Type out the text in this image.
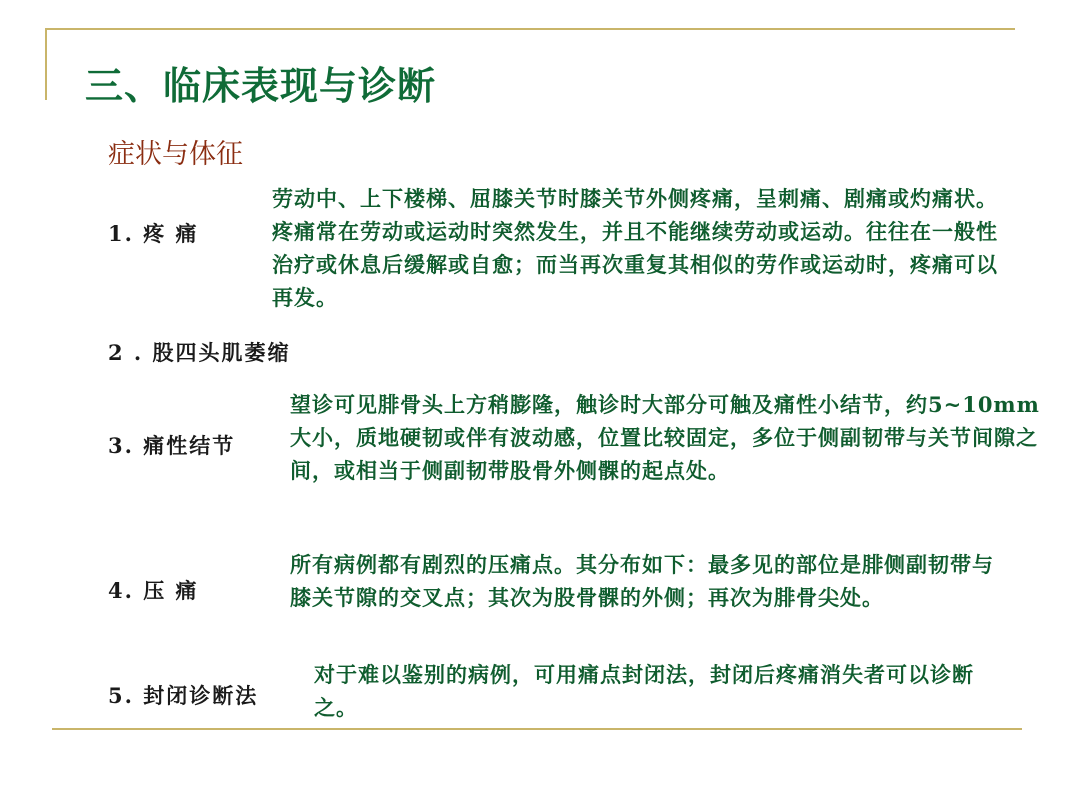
三、临床表现与诊断
症状与体征
1. 疼 痛
劳动中、上下楼梯、屈膝关节时膝关节外侧疼痛，呈刺痛、剧痛或灼痛状。疼痛常在劳动或运动时突然发生，并且不能继续劳动或运动。往往在一般性治疗或休息后缓解或自愈；而当再次重复其相似的劳作或运动时，疼痛可以再发。
2 . 股四头肌萎缩
3. 痛性结节
望诊可见腓骨头上方稍膨隆，触诊时大部分可触及痛性小结节，约5~10mm大小，质地硬韧或伴有波动感，位置比较固定，多位于侧副韧带与关节间隙之间，或相当于侧副韧带股骨外侧髁的起点处。
4. 压 痛
所有病例都有剧烈的压痛点。其分布如下：最多见的部位是腓侧副韧带与膝关节隙的交叉点；其次为股骨髁的外侧；再次为腓骨尖处。
5. 封闭诊断法
对于难以鉴别的病例，可用痛点封闭法，封闭后疼痛消失者可以诊断之。
